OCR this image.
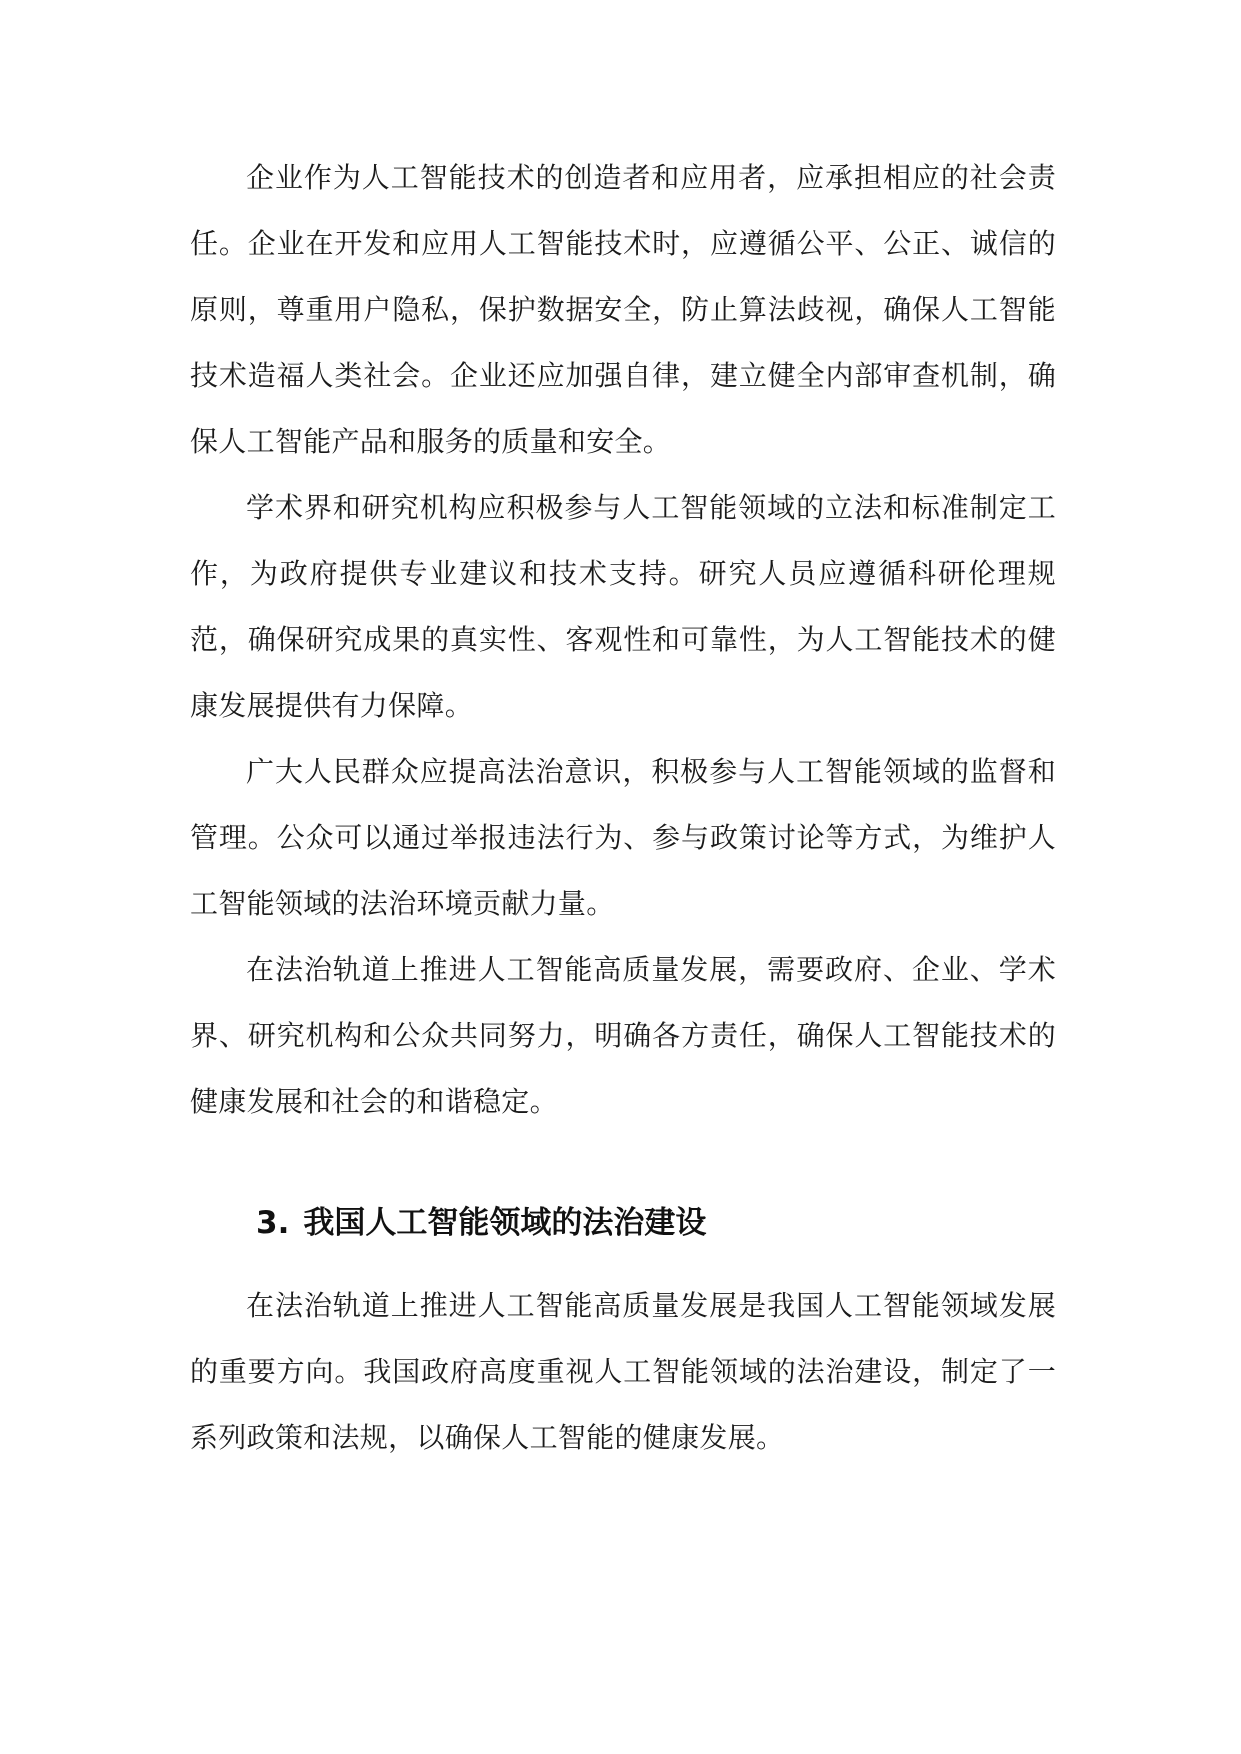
企业作为人工智能技术的创造者和应用者，应承担相应的社会责任。企业在开发和应用人工智能技术时，应遵循公平、公正、诚信的原则，尊重用户隐私，保护数据安全，防止算法歧视，确保人工智能技术造福人类社会。企业还应加强自律，建立健全内部审查机制，确保人工智能产品和服务的质量和安全。

学术界和研究机构应积极参与人工智能领域的立法和标准制定工作，为政府提供专业建议和技术支持。研究人员应遵循科研伦理规范，确保研究成果的真实性、客观性和可靠性，为人工智能技术的健康发展提供有力保障。

广大人民群众应提高法治意识，积极参与人工智能领域的监督和管理。公众可以通过举报违法行为、参与政策讨论等方式，为维护人工智能领域的法治环境贡献力量。

在法治轨道上推进人工智能高质量发展，需要政府、企业、学术界、研究机构和公众共同努力，明确各方责任，确保人工智能技术的健康发展和社会的和谐稳定。

3. 我国人工智能领域的法治建设

在法治轨道上推进人工智能高质量发展是我国人工智能领域发展的重要方向。我国政府高度重视人工智能领域的法治建设，制定了一系列政策和法规，以确保人工智能的健康发展。
